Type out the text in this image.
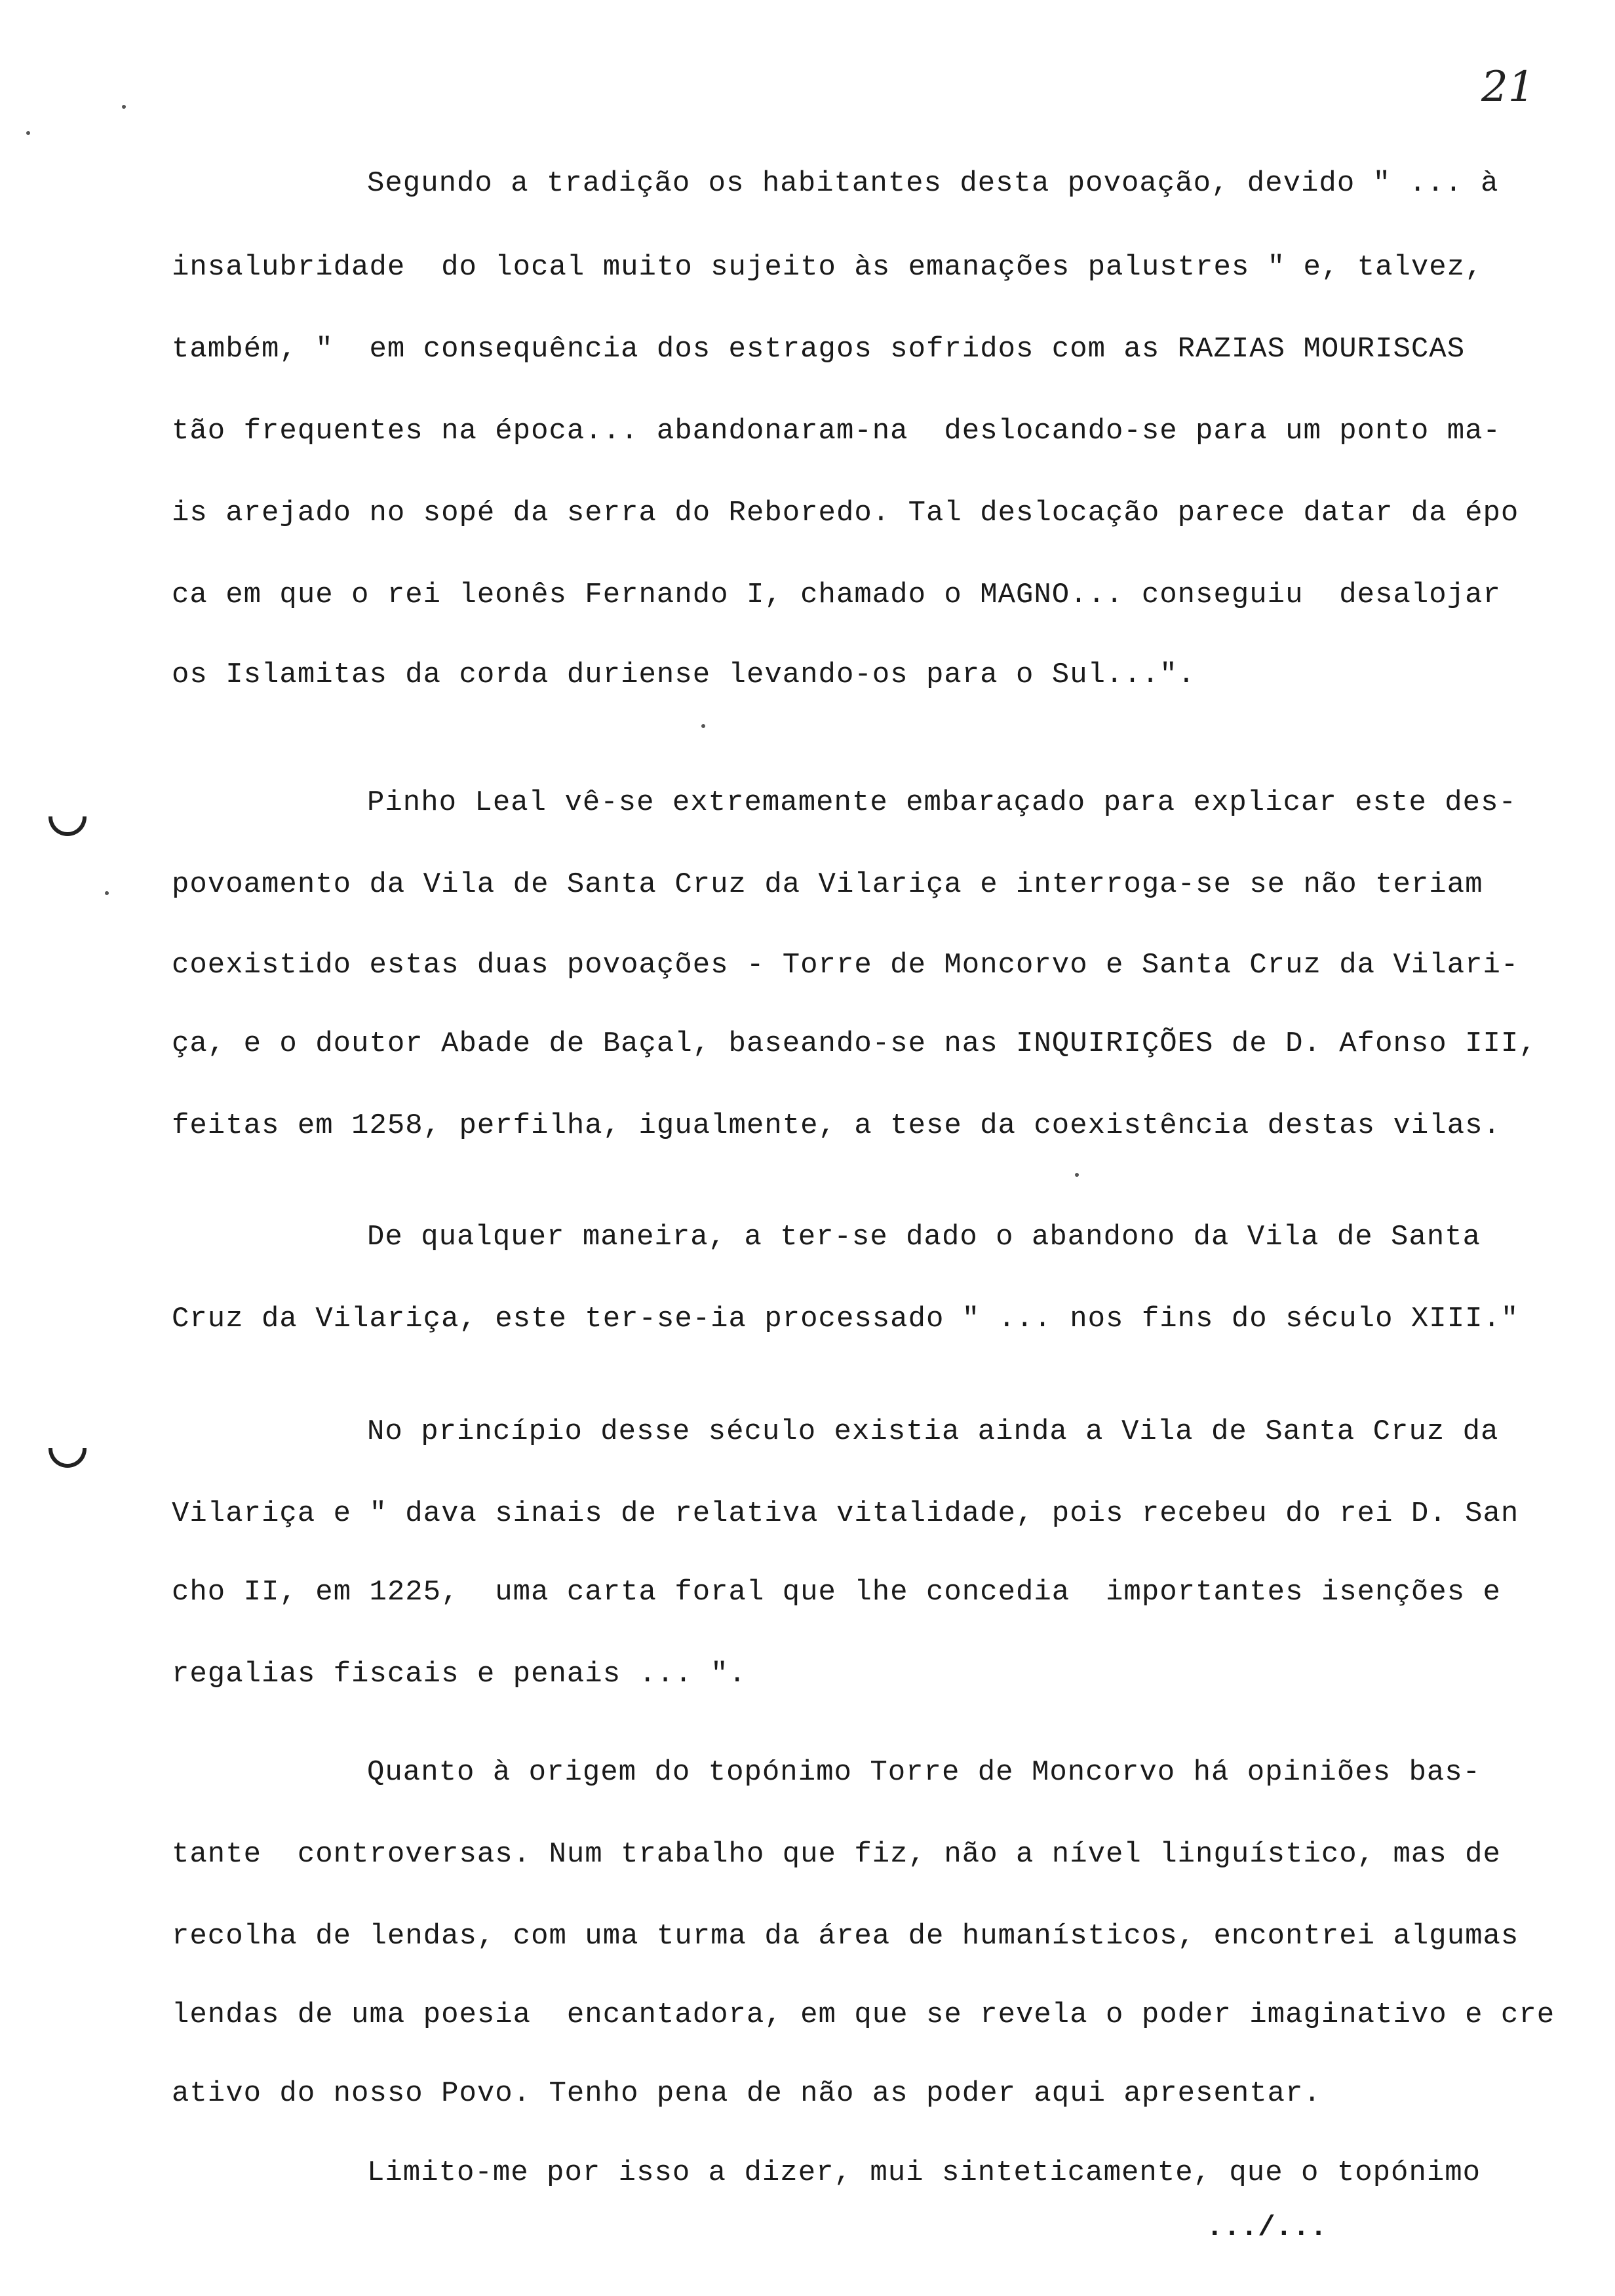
21
Segundo a tradição os habitantes desta povoação, devido " ... à
insalubridade  do local muito sujeito às emanações palustres " e, talvez,
também, "  em consequência dos estragos sofridos com as RAZIAS MOURISCAS
tão frequentes na época... abandonaram-na  deslocando-se para um ponto ma-
is arejado no sopé da serra do Reboredo. Tal deslocação parece datar da épo
ca em que o rei leonês Fernando I, chamado o MAGNO... conseguiu  desalojar
os Islamitas da corda duriense levando-os para o Sul...".
Pinho Leal vê-se extremamente embaraçado para explicar este des-
povoamento da Vila de Santa Cruz da Vilariça e interroga-se se não teriam
coexistido estas duas povoações - Torre de Moncorvo e Santa Cruz da Vilari-
ça, e o doutor Abade de Baçal, baseando-se nas INQUIRIÇÕES de D. Afonso III,
feitas em 1258, perfilha, igualmente, a tese da coexistência destas vilas.
De qualquer maneira, a ter-se dado o abandono da Vila de Santa
Cruz da Vilariça, este ter-se-ia processado " ... nos fins do século XIII."
No princípio desse século existia ainda a Vila de Santa Cruz da
Vilariça e " dava sinais de relativa vitalidade, pois recebeu do rei D. San
cho II, em 1225,  uma carta foral que lhe concedia  importantes isenções e
regalias fiscais e penais ... ".
Quanto à origem do topónimo Torre de Moncorvo há opiniões bas-
tante  controversas. Num trabalho que fiz, não a nível linguístico, mas de
recolha de lendas, com uma turma da área de humanísticos, encontrei algumas
lendas de uma poesia  encantadora, em que se revela o poder imaginativo e cre
ativo do nosso Povo. Tenho pena de não as poder aqui apresentar.
Limito-me por isso a dizer, mui sinteticamente, que o topónimo
.../...
